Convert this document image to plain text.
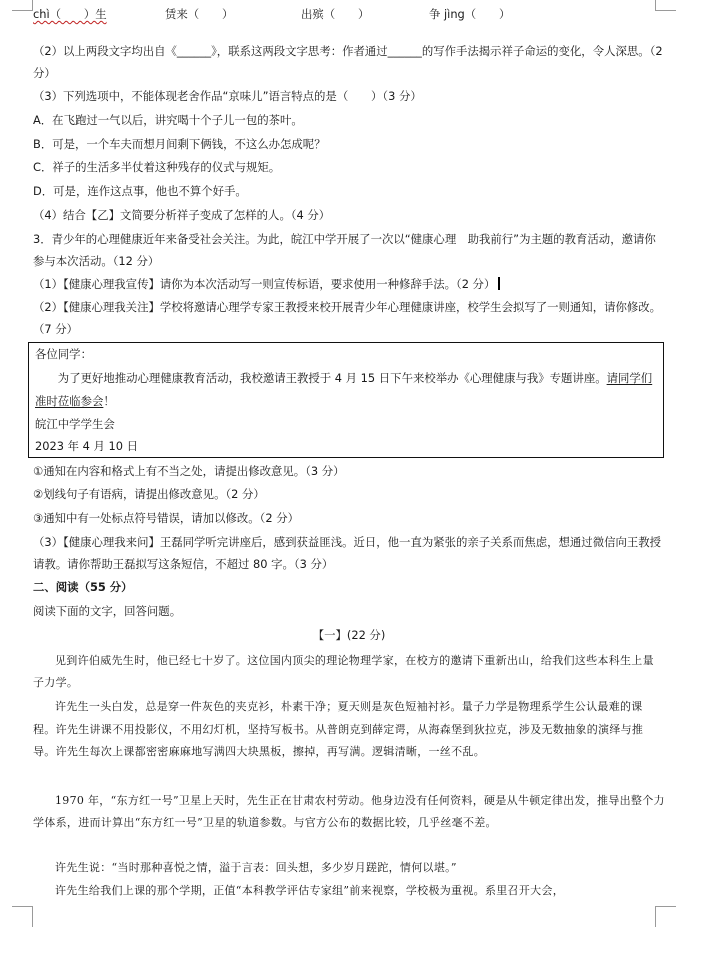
chì（　　）生	赁来（　　）	出殡（　　）	争 jìng（　　）
（2）以上两段文字均出自《______》，联系这两段文字思考：作者通过______的写作手法揭示祥子命运的变化，令人深思。（2 分）
（3）下列选项中，不能体现老舍作品“京味儿”语言特点的是（　　）（3 分）
A．在飞跑过一气以后，讲究喝十个子儿一包的茶叶。
B．可是，一个车夫而想月间剩下俩钱，不这么办怎成呢？
C．祥子的生活多半仗着这种残存的仪式与规矩。
D．可是，连作这点事，他也不算个好手。
（4）结合【乙】文简要分析祥子变成了怎样的人。（4 分）
3．青少年的心理健康近年来备受社会关注。为此，皖江中学开展了一次以“健康心理　助我前行”为主题的教育活动，邀请你参与本次活动。（12 分）
（1）【健康心理我宣传】请你为本次活动写一则宣传标语，要求使用一种修辞手法。（2 分）
（2）【健康心理我关注】学校将邀请心理学专家王教授来校开展青少年心理健康讲座，校学生会拟写了一则通知，请你修改。（7 分）
各位同学：
为了更好地推动心理健康教育活动，我校邀请王教授于 4 月 15 日下午来校举办《心理健康与我》专题讲座。请同学们准时莅临参会！
皖江中学学生会
2023 年 4 月 10 日
①通知在内容和格式上有不当之处，请提出修改意见。（3 分）
②划线句子有语病，请提出修改意见。（2 分）
③通知中有一处标点符号错误，请加以修改。（2 分）
（3）【健康心理我来问】王磊同学听完讲座后，感到获益匪浅。近日，他一直为紧张的亲子关系而焦虑，想通过微信向王教授请教。请你帮助王磊拟写这条短信，不超过 80 字。（3 分）
二、阅读（55 分）
阅读下面的文字，回答问题。
【一】(22 分)
见到许伯威先生时，他已经七十岁了。这位国内顶尖的理论物理学家，在校方的邀请下重新出山，给我们这些本科生上量子力学。
许先生一头白发，总是穿一件灰色的夹克衫，朴素干净；夏天则是灰色短袖衬衫。量子力学是物理系学生公认最难的课程。许先生讲课不用投影仪，不用幻灯机，坚持写板书。从普朗克到薛定谔，从海森堡到狄拉克，涉及无数抽象的演绎与推导。许先生每次上课都密密麻麻地写满四大块黑板，擦掉，再写满。逻辑清晰，一丝不乱。
1970 年，“东方红一号”卫星上天时，先生正在甘肃农村劳动。他身边没有任何资料，硬是从牛顿定律出发，推导出整个力学体系，进而计算出“东方红一号”卫星的轨道参数。与官方公布的数据比较，几乎丝毫不差。
许先生说：“当时那种喜悦之情，溢于言表：回头想，多少岁月蹉跎，情何以堪。”
许先生给我们上课的那个学期，正值“本科教学评估专家组”前来视察，学校极为重视。系里召开大会，
